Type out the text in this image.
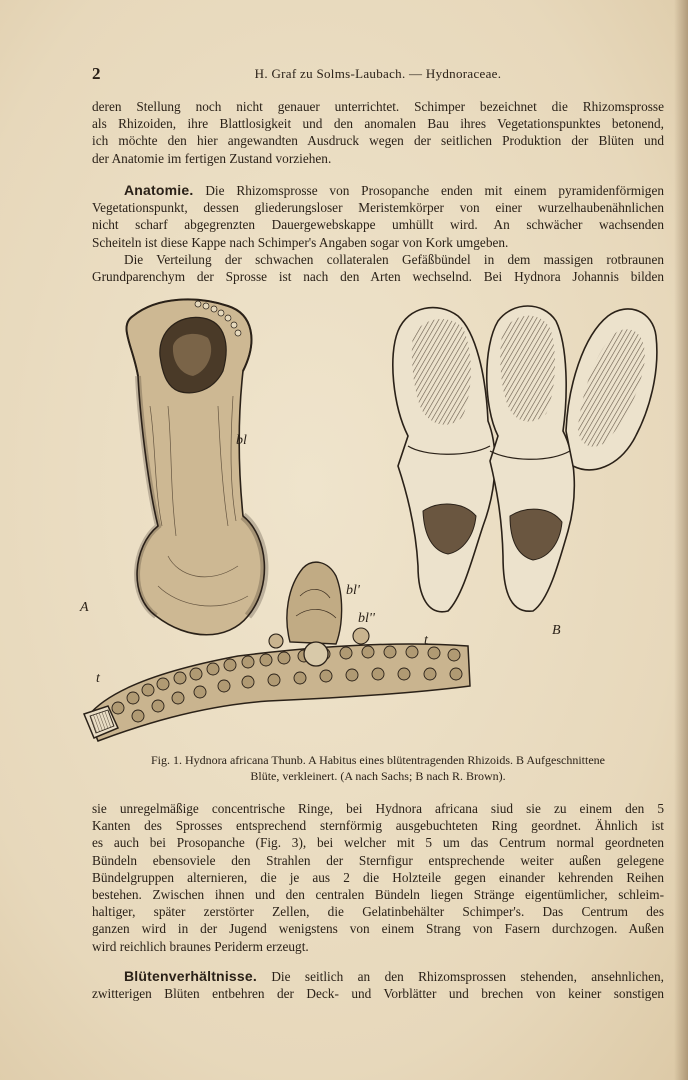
2	H. Graf zu Solms-Laubach. — Hydnoraceae.
deren Stellung noch nicht genauer unterrichtet. Schimper bezeichnet die Rhizomsprosse
als Rhizoiden, ihre Blattlosigkeit und den anomalen Bau ihres Vegetationspunktes betonend,
ich möchte den hier angewandten Ausdruck wegen der seitlichen Produktion der Blüten und
der Anatomie im fertigen Zustand vorziehen.
Anatomie. Die Rhizomsprosse von Prosopanche enden mit einem pyramidenförmigen
Vegetationspunkt, dessen gliederungsloser Meristemkörper von einer wurzelhaubenähnlichen
nicht scharf abgegrenzten Dauergewebskappe umhüllt wird. An schwächer wachsenden
Scheiteln ist diese Kappe nach Schimper's Angaben sogar von Kork umgeben.
Die Verteilung der schwachen collateralen Gefäßbündel in dem massigen rotbraunen
Grundparenchym der Sprosse ist nach den Arten wechselnd. Bei Hydnora Johannis bilden
bl
bl'
bl''
t
t
A
B
Fig. 1. Hydnora africana Thunb. A Habitus eines blütentragenden Rhizoids. B Aufgeschnittene
Blüte, verkleinert. (A nach Sachs; B nach R. Brown).
sie unregelmäßige concentrische Ringe, bei Hydnora africana siud sie zu einem den 5
Kanten des Sprosses entsprechend sternförmig ausgebuchteten Ring geordnet. Ähnlich ist
es auch bei Prosopanche (Fig. 3), bei welcher mit 5 um das Centrum normal geordneten
Bündeln ebensoviele den Strahlen der Sternfigur entsprechende weiter außen gelegene
Bündelgruppen alternieren, die je aus 2 die Holzteile gegen einander kehrenden Reihen
bestehen. Zwischen ihnen und den centralen Bündeln liegen Stränge eigentümlicher, schleim-
haltiger, später zerstörter Zellen, die Gelatinbehälter Schimper's. Das Centrum des
ganzen wird in der Jugend wenigstens von einem Strang von Fasern durchzogen. Außen
wird reichlich braunes Periderm erzeugt.
Blütenverhältnisse. Die seitlich an den Rhizomsprossen stehenden, ansehnlichen,
zwitterigen Blüten entbehren der Deck- und Vorblätter und brechen von keiner sonstigen
